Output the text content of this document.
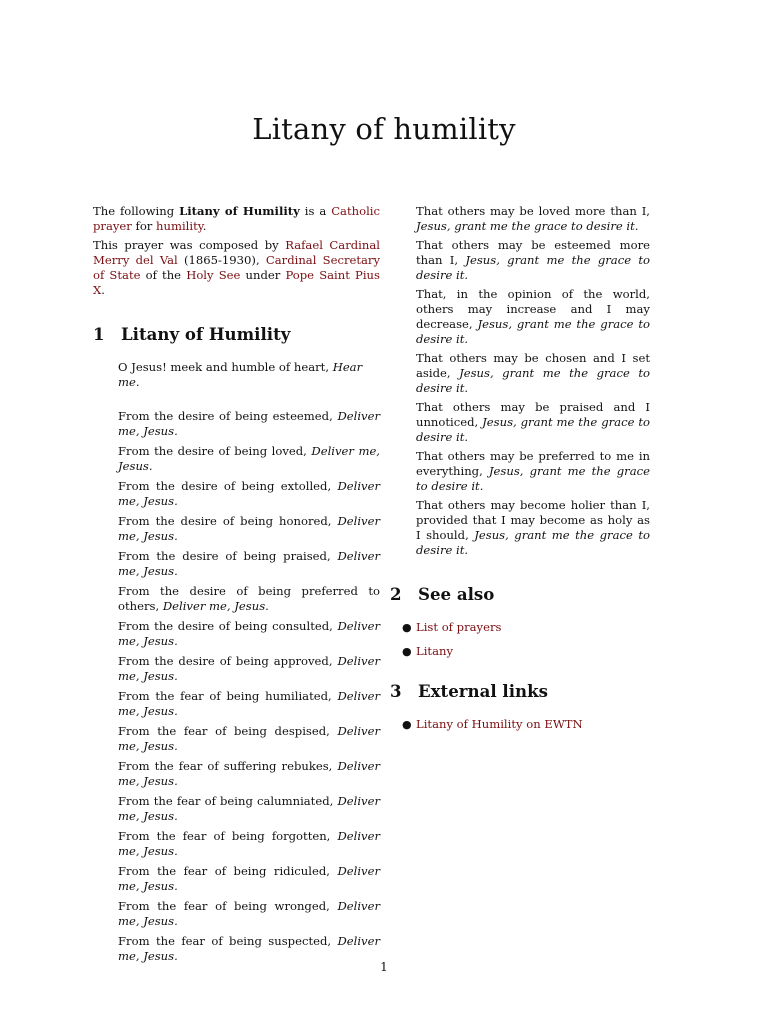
Litany of humility

The following Litany of Humility is a Catholic prayer for humility.

This prayer was composed by Rafael Cardinal Merry del Val (1865-1930), Cardinal Secretary of State of the Holy See under Pope Saint Pius X.

1 Litany of Humility

O Jesus! meek and humble of heart, Hear me.

From the desire of being esteemed, Deliver me, Jesus.

From the desire of being loved, Deliver me, Jesus.

From the desire of being extolled, Deliver me, Jesus.

From the desire of being honored, Deliver me, Jesus.

From the desire of being praised, Deliver me, Jesus.

From the desire of being preferred to others, Deliver me, Jesus.

From the desire of being consulted, Deliver me, Jesus.

From the desire of being approved, Deliver me, Jesus.

From the fear of being humiliated, Deliver me, Jesus.

From the fear of being despised, Deliver me, Jesus.

From the fear of suffering rebukes, Deliver me, Jesus.

From the fear of being calumniated, Deliver me, Jesus.

From the fear of being forgotten, Deliver me, Jesus.

From the fear of being ridiculed, Deliver me, Jesus.

From the fear of being wronged, Deliver me, Jesus.

From the fear of being suspected, Deliver me, Jesus.

That others may be loved more than I, Jesus, grant me the grace to desire it.

That others may be esteemed more than I, Jesus, grant me the grace to desire it.

That, in the opinion of the world, others may increase and I may decrease, Jesus, grant me the grace to desire it.

That others may be chosen and I set aside, Jesus, grant me the grace to desire it.

That others may be praised and I unnoticed, Jesus, grant me the grace to desire it.

That others may be preferred to me in everything, Jesus, grant me the grace to desire it.

That others may become holier than I, provided that I may become as holy as I should, Jesus, grant me the grace to desire it.

2 See also
● List of prayers
● Litany
3 External links
● Litany of Humility on EWTN
1
